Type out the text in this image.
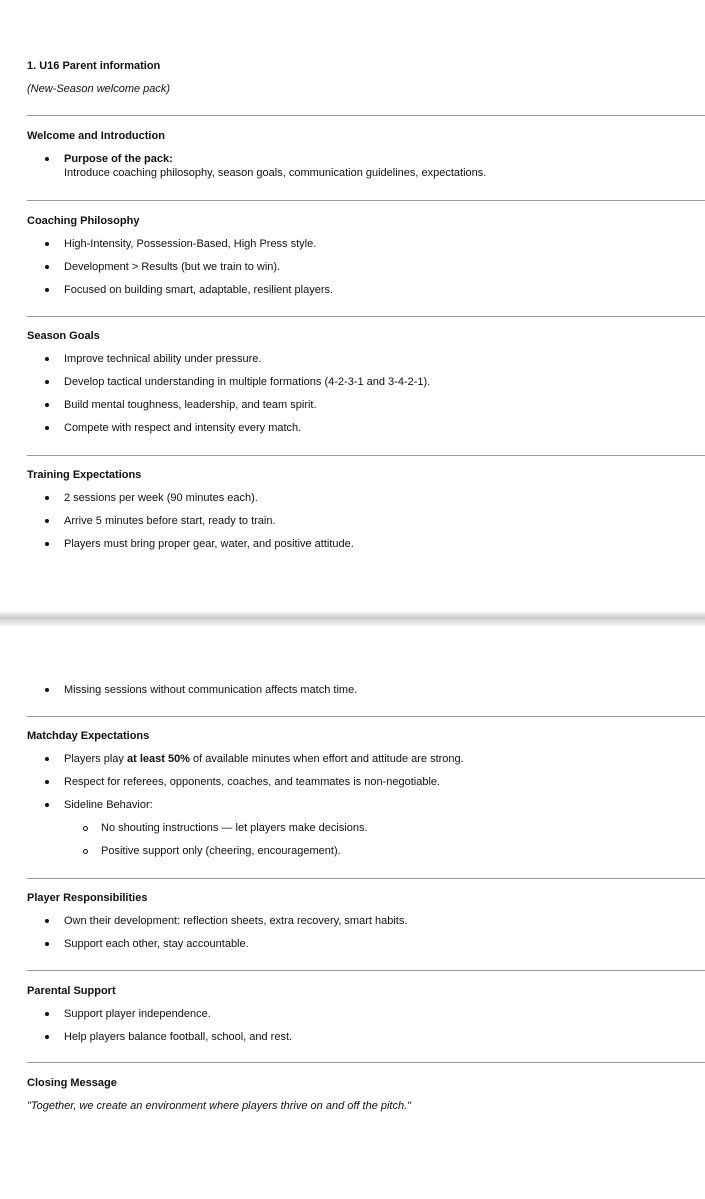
1. U16 Parent information

(New-Season welcome pack)

Welcome and Introduction
Purpose of the pack:
Introduce coaching philosophy, season goals, communication guidelines, expectations.
Coaching Philosophy
High-Intensity, Possession-Based, High Press style.
Development > Results (but we train to win).
Focused on building smart, adaptable, resilient players.
Season Goals
Improve technical ability under pressure.
Develop tactical understanding in multiple formations (4-2-3-1 and 3-4-2-1).
Build mental toughness, leadership, and team spirit.
Compete with respect and intensity every match.
Training Expectations
2 sessions per week (90 minutes each).
Arrive 5 minutes before start, ready to train.
Players must bring proper gear, water, and positive attitude.
Missing sessions without communication affects match time.
Matchday Expectations
Players play at least 50% of available minutes when effort and attitude are strong.
Respect for referees, opponents, coaches, and teammates is non-negotiable.
Sideline Behavior:
No shouting instructions — let players make decisions.
Positive support only (cheering, encouragement).
Player Responsibilities
Own their development: reflection sheets, extra recovery, smart habits.
Support each other, stay accountable.
Parental Support
Support player independence.
Help players balance football, school, and rest.
Closing Message

"Together, we create an environment where players thrive on and off the pitch."
